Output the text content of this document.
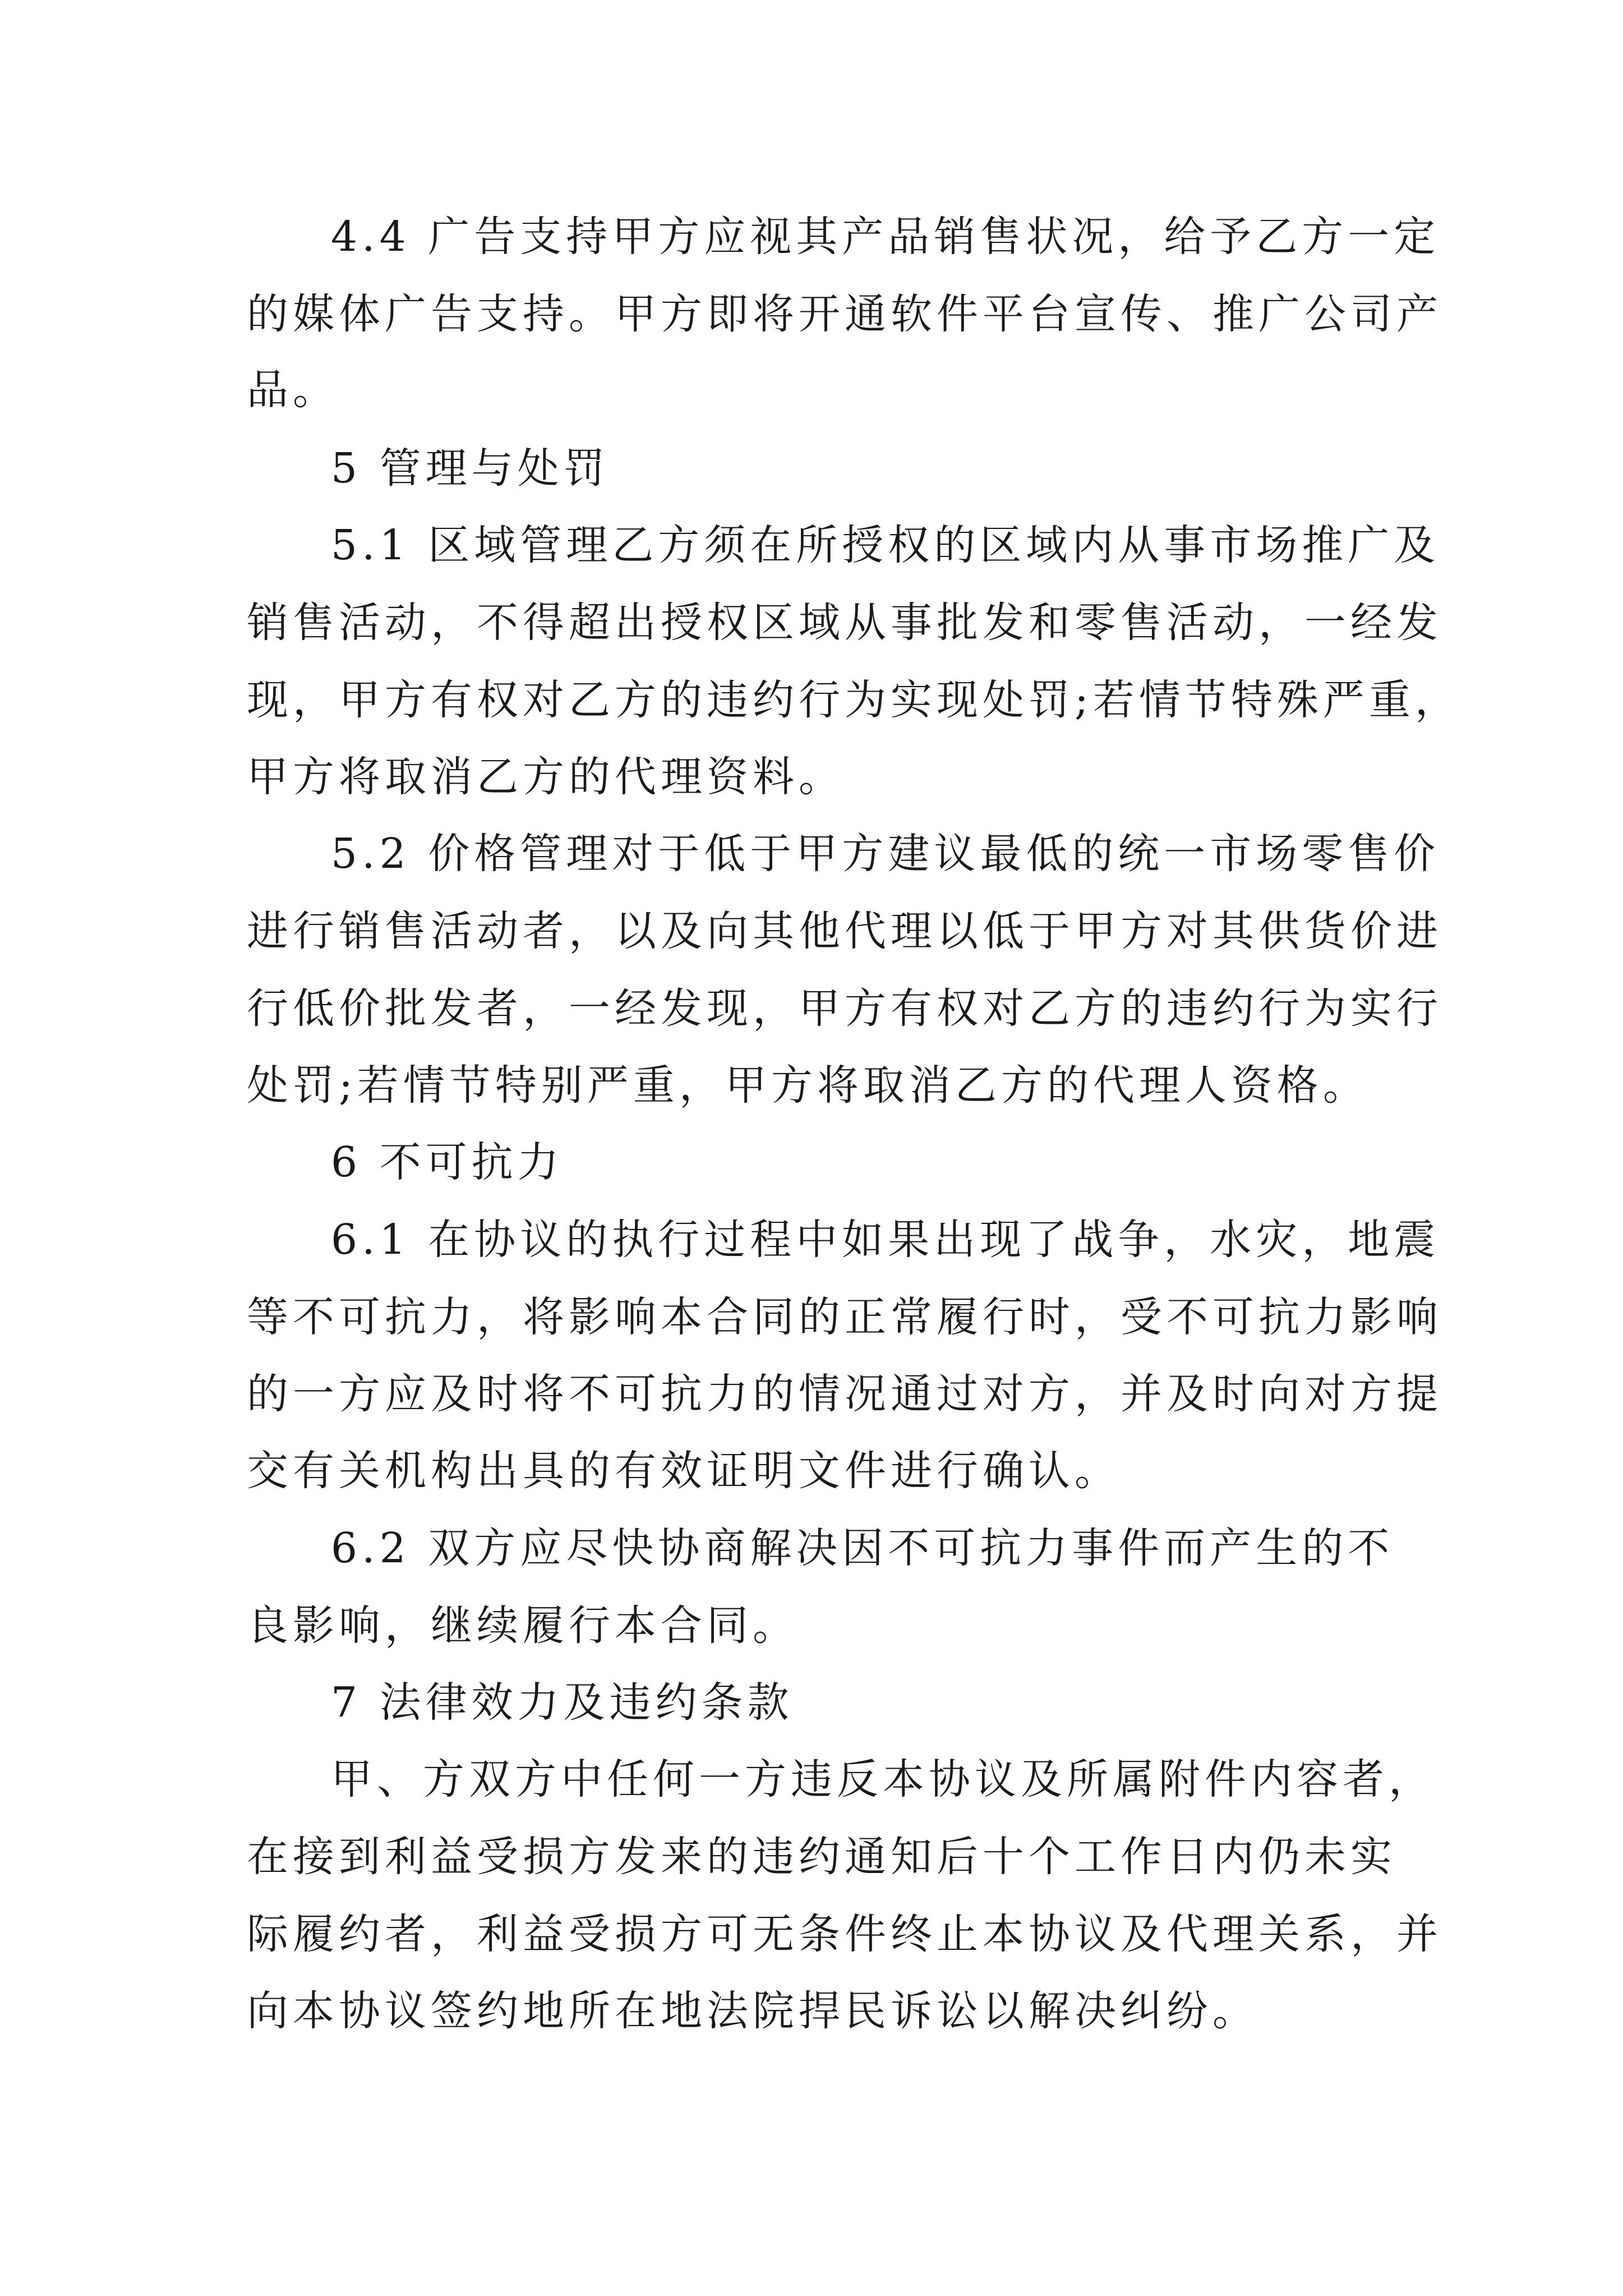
4.4 广告支持甲方应视其产品销售状况，给予乙方一定
的媒体广告支持。甲方即将开通软件平台宣传、推广公司产
品。
5 管理与处罚
5.1 区域管理乙方须在所授权的区域内从事市场推广及
销售活动，不得超出授权区域从事批发和零售活动，一经发
现，甲方有权对乙方的违约行为实现处罚;若情节特殊严重，
甲方将取消乙方的代理资料。
5.2 价格管理对于低于甲方建议最低的统一市场零售价
进行销售活动者，以及向其他代理以低于甲方对其供货价进
行低价批发者，一经发现，甲方有权对乙方的违约行为实行
处罚;若情节特别严重，甲方将取消乙方的代理人资格。
6 不可抗力
6.1 在协议的执行过程中如果出现了战争，水灾，地震
等不可抗力，将影响本合同的正常履行时，受不可抗力影响
的一方应及时将不可抗力的情况通过对方，并及时向对方提
交有关机构出具的有效证明文件进行确认。
6.2 双方应尽快协商解决因不可抗力事件而产生的不
良影响，继续履行本合同。
7 法律效力及违约条款
甲、方双方中任何一方违反本协议及所属附件内容者，
在接到利益受损方发来的违约通知后十个工作日内仍未实
际履约者，利益受损方可无条件终止本协议及代理关系，并
向本协议签约地所在地法院捍民诉讼以解决纠纷。
